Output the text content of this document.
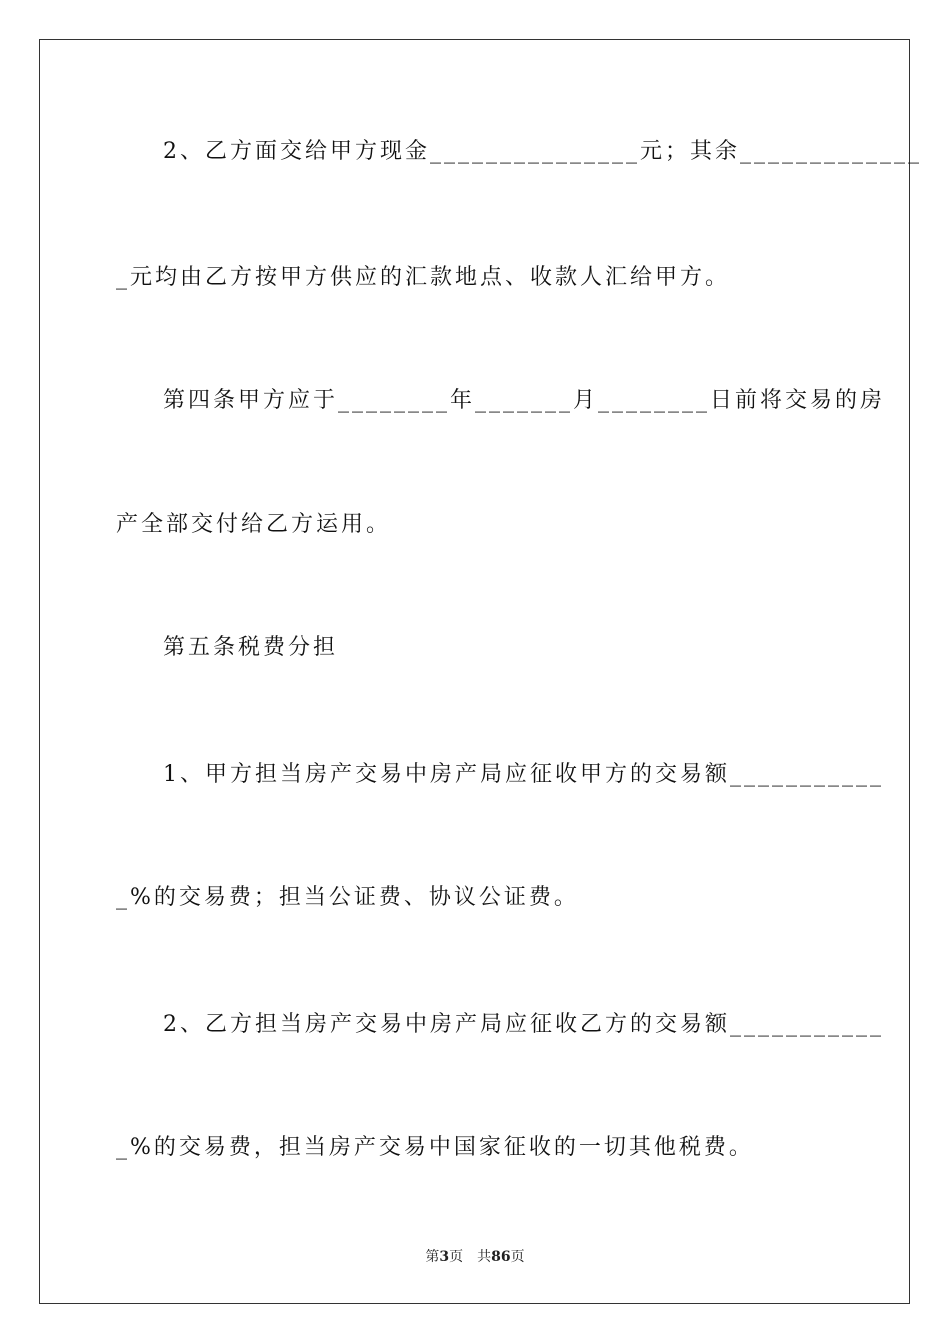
2、乙方面交给甲方现金_______________元；其余_____________
_元均由乙方按甲方供应的汇款地点、收款人汇给甲方。
第四条甲方应于________年_______月________日前将交易的房
产全部交付给乙方运用。
第五条税费分担
1、甲方担当房产交易中房产局应征收甲方的交易额___________
_%的交易费；担当公证费、协议公证费。
2、乙方担当房产交易中房产局应征收乙方的交易额___________
_%的交易费，担当房产交易中国家征收的一切其他税费。
第3页 共86页
